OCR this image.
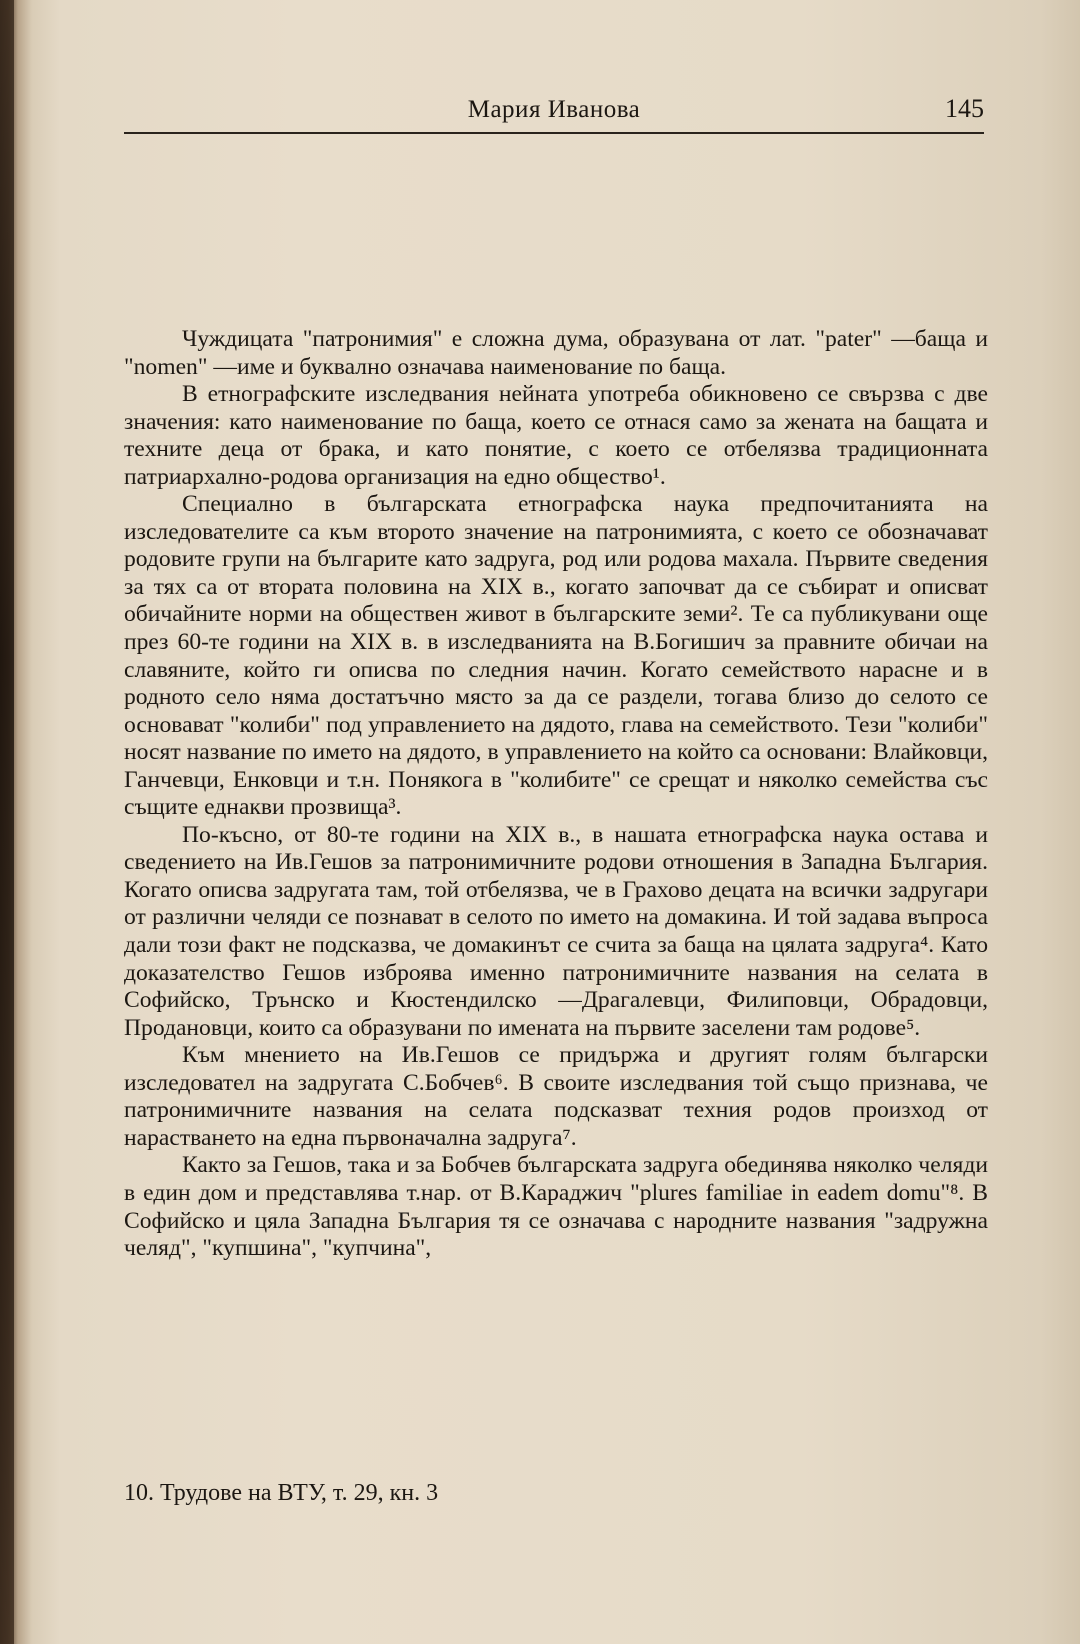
Мария Иванова	145

Чуждицата "патронимия" е сложна дума, образувана от лат. "pater" —баща и "nomen" —име и буквално означава наименование по баща.

В етнографските изследвания нейната употреба обикновено се свързва с две значения: като наименование по баща, което се отнася само за жената на бащата и техните деца от брака, и като понятие, с което се отбелязва традиционната патриархално-родова организация на едно общество¹.

Специално в българската етнографска наука предпочитанията на изследователите са към второто значение на патронимията, с което се обозначават родовите групи на българите като задруга, род или родова махала. Първите сведения за тях са от втората половина на XIX в., когато започват да се събират и описват обичайните норми на обществен живот в българските земи². Те са публикувани още през 60-те години на XIX в. в изследванията на В.Богишич за правните обичаи на славяните, който ги описва по следния начин. Когато семейството нарасне и в родното село няма достатъчно място за да се раздели, тогава близо до селото се основават "колиби" под управлението на дядото, глава на семейството. Тези "колиби" носят название по името на дядото, в управлението на който са основани: Влайковци, Ганчевци, Енковци и т.н. Понякога в "колибите" се срещат и няколко семейства със същите еднакви прозвища³.

По-късно, от 80-те години на XIX в., в нашата етнографска наука остава и сведението на Ив.Гешов за патронимичните родови отношения в Западна България. Когато описва задругата там, той отбелязва, че в Грахово децата на всички задругари от различни челяди се познават в селото по името на домакина. И той задава въпроса дали този факт не подсказва, че домакинът се счита за баща на цялата задруга⁴. Като доказателство Гешов изброява именно патронимичните названия на селата в Софийско, Трънско и Кюстендилско —Драгалевци, Филиповци, Обрадовци, Продановци, които са образувани по имената на първите заселени там родове⁵.

Към мнението на Ив.Гешов се придържа и другият голям български изследовател на задругата С.Бобчев⁶. В своите изследвания той също признава, че патронимичните названия на селата подсказват техния родов произход от нарастването на една първоначална задруга⁷.

Както за Гешов, така и за Бобчев българската задруга обединява няколко челяди в един дом и представлява т.нар. от В.Караджич "plures familiae in eadem domu"⁸. В Софийско и цяла Западна България тя се означава с народните названия "задружна челяд", "купшина", "купчина",

10. Трудове на ВТУ, т. 29, кн. 3
